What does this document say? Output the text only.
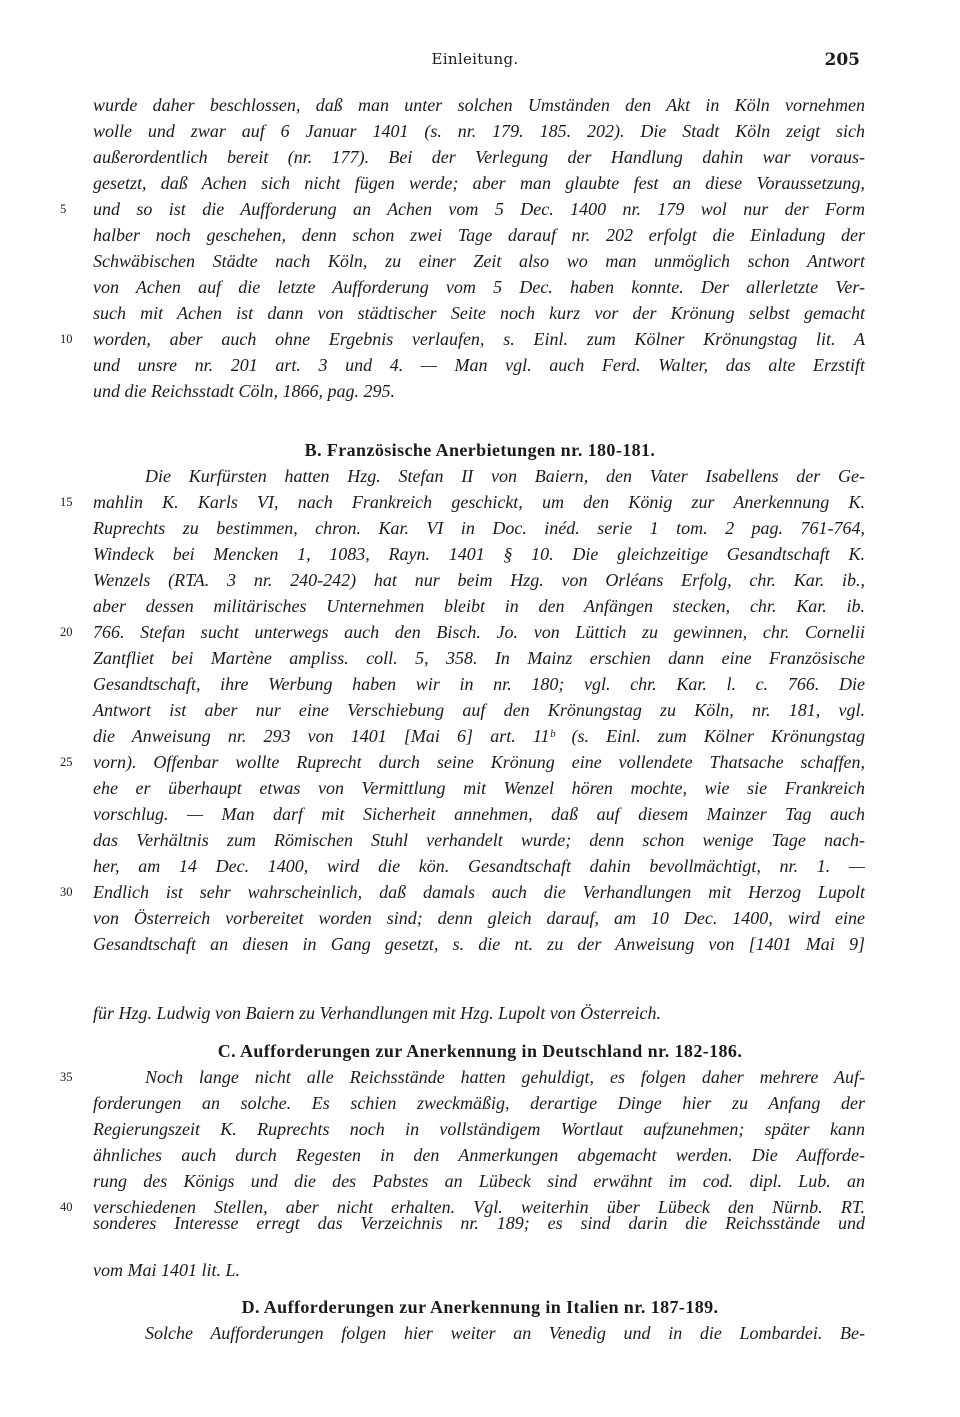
Einleitung.	205
wurde daher beschlossen, daß man unter solchen Umständen den Akt in Köln vornehmen
wolle und zwar auf 6 Januar 1401 (s. nr. 179. 185. 202). Die Stadt Köln zeigt sich
außerordentlich bereit (nr. 177). Bei der Verlegung der Handlung dahin war voraus-
gesetzt, daß Achen sich nicht fügen werde; aber man glaubte fest an diese Voraussetzung,
und so ist die Aufforderung an Achen vom 5 Dec. 1400 nr. 179 wol nur der Form
5
halber noch geschehen, denn schon zwei Tage darauf nr. 202 erfolgt die Einladung der
Schwäbischen Städte nach Köln, zu einer Zeit also wo man unmöglich schon Antwort
von Achen auf die letzte Aufforderung vom 5 Dec. haben konnte. Der allerletzte Ver-
such mit Achen ist dann von städtischer Seite noch kurz vor der Krönung selbst gemacht
worden, aber auch ohne Ergebnis verlaufen, s. Einl. zum Kölner Krönungstag lit. A
10
und unsre nr. 201 art. 3 und 4. — Man vgl. auch Ferd. Walter, das alte Erzstift
und die Reichsstadt Cöln, 1866, pag. 295.
B. Französische Anerbietungen nr. 180-181.
Die Kurfürsten hatten Hzg. Stefan II von Baiern, den Vater Isabellens der Ge-
mahlin K. Karls VI, nach Frankreich geschickt, um den König zur Anerkennung K.
15
Ruprechts zu bestimmen, chron. Kar. VI in Doc. inéd. serie 1 tom. 2 pag. 761-764,
Windeck bei Mencken 1, 1083, Rayn. 1401 § 10. Die gleichzeitige Gesandtschaft K.
Wenzels (RTA. 3 nr. 240-242) hat nur beim Hzg. von Orléans Erfolg, chr. Kar. ib.,
aber dessen militärisches Unternehmen bleibt in den Anfängen stecken, chr. Kar. ib.
766. Stefan sucht unterwegs auch den Bisch. Jo. von Lüttich zu gewinnen, chr. Cornelii
20
Zantfliet bei Martène ampliss. coll. 5, 358. In Mainz erschien dann eine Französische
Gesandtschaft, ihre Werbung haben wir in nr. 180; vgl. chr. Kar. l. c. 766. Die
Antwort ist aber nur eine Verschiebung auf den Krönungstag zu Köln, nr. 181, vgl.
die Anweisung nr. 293 von 1401 [Mai 6] art. 11ᵇ (s. Einl. zum Kölner Krönungstag
vorn). Offenbar wollte Ruprecht durch seine Krönung eine vollendete Thatsache schaffen,
25
ehe er überhaupt etwas von Vermittlung mit Wenzel hören mochte, wie sie Frankreich
vorschlug. — Man darf mit Sicherheit annehmen, daß auf diesem Mainzer Tag auch
das Verhältnis zum Römischen Stuhl verhandelt wurde; denn schon wenige Tage nach-
her, am 14 Dec. 1400, wird die kön. Gesandtschaft dahin bevollmächtigt, nr. 1. —
Endlich ist sehr wahrscheinlich, daß damals auch die Verhandlungen mit Herzog Lupolt
30
von Österreich vorbereitet worden sind; denn gleich darauf, am 10 Dec. 1400, wird eine
Gesandtschaft an diesen in Gang gesetzt, s. die nt. zu der Anweisung von [1401 Mai 9]
für Hzg. Ludwig von Baiern zu Verhandlungen mit Hzg. Lupolt von Österreich.
C. Aufforderungen zur Anerkennung in Deutschland nr. 182-186.
Noch lange nicht alle Reichsstände hatten gehuldigt, es folgen daher mehrere Auf-
35
forderungen an solche. Es schien zweckmäßig, derartige Dinge hier zu Anfang der
Regierungszeit K. Ruprechts noch in vollständigem Wortlaut aufzunehmen; später kann
ähnliches auch durch Regesten in den Anmerkungen abgemacht werden. Die Auffordе-
rung des Königs und die des Pabstes an Lübeck sind erwähnt im cod. dipl. Lub. an
verschiedenen Stellen, aber nicht erhalten. Vgl. weiterhin über Lübeck den Nürnb. RT.
40
vom Mai 1401 lit. L.
D. Aufforderungen zur Anerkennung in Italien nr. 187-189.
Solche Aufforderungen folgen hier weiter an Venedig und in die Lombardei. Be-
sonderes Interesse erregt das Verzeichnis nr. 189; es sind darin die Reichsstände und
